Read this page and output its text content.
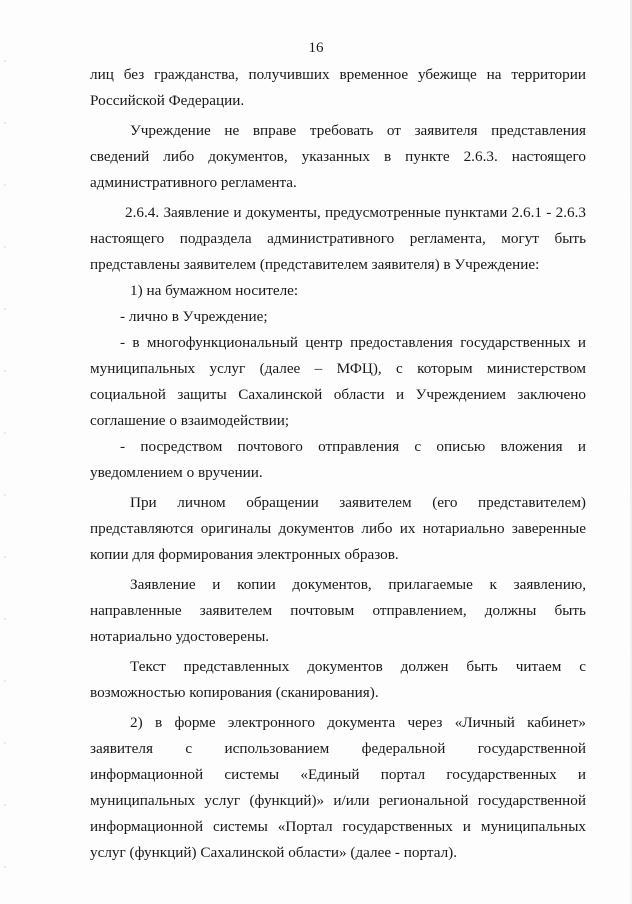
16

лиц без гражданства, получивших временное убежище на территории Российской Федерации.

Учреждение не вправе требовать от заявителя представления сведений либо документов, указанных в пункте 2.6.3. настоящего административного регламента.

2.6.4. Заявление и документы, предусмотренные пунктами 2.6.1 - 2.6.3 настоящего подраздела административного регламента, могут быть представлены заявителем (представителем заявителя) в Учреждение:

1) на бумажном носителе:

- лично в Учреждение;

- в многофункциональный центр предоставления государственных и муниципальных услуг (далее – МФЦ), с которым министерством социальной защиты Сахалинской области и Учреждением заключено соглашение о взаимодействии;

- посредством почтового отправления с описью вложения и уведомлением о вручении.

При личном обращении заявителем (его представителем) представляются оригиналы документов либо их нотариально заверенные копии для формирования электронных образов.

Заявление и копии документов, прилагаемые к заявлению, направленные заявителем почтовым отправлением, должны быть нотариально удостоверены.

Текст представленных документов должен быть читаем с возможностью копирования (сканирования).

2) в форме электронного документа через «Личный кабинет» заявителя с использованием федеральной государственной информационной системы «Единый портал государственных и муниципальных услуг (функций)» и/или региональной государственной информационной системы «Портал государственных и муниципальных услуг (функций) Сахалинской области» (далее - портал).
